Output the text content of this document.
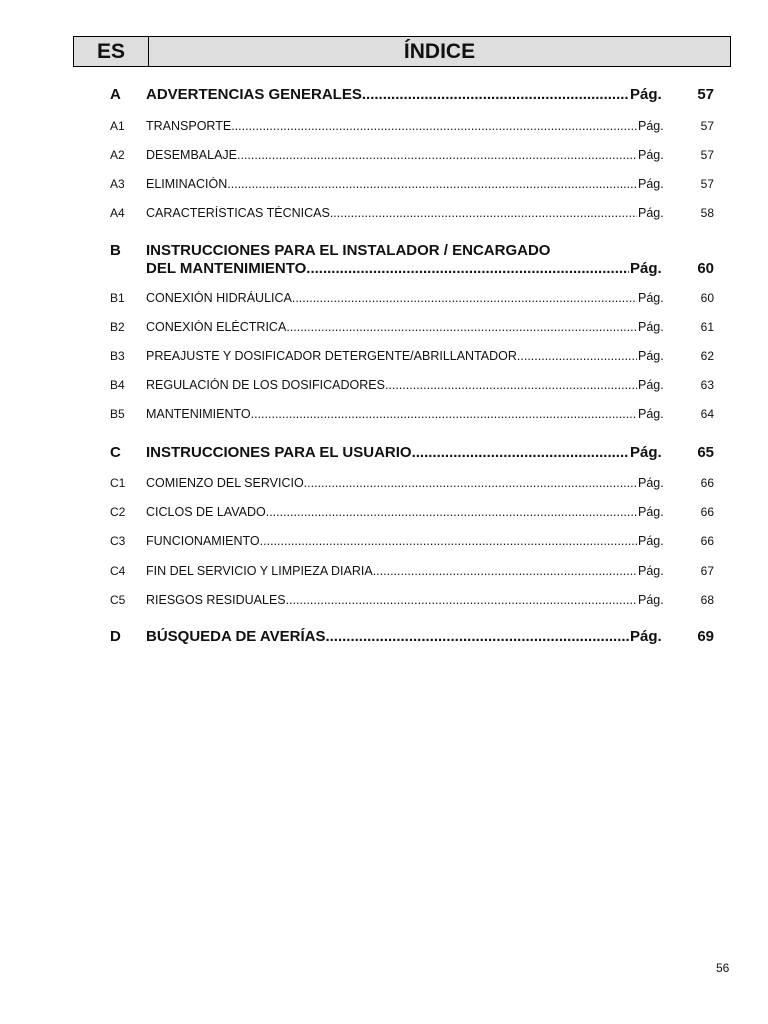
ES	ÍNDICE
A	ADVERTENCIAS GENERALES .....	Pág.	57
A1	TRANSPORTE .....	Pág.	57
A2	DESEMBALAJE .....	Pág.	57
A3	ELIMINACIÓN .....	Pág.	57
A4	CARACTERÍSTICAS TÉCNICAS .....	Pág.	58
B	INSTRUCCIONES PARA EL INSTALADOR / ENCARGADO
DEL MANTENIMIENTO .....	Pág.	60
B1	CONEXIÓN HIDRÁULICA .....	Pág.	60
B2	CONEXIÓN ELÉCTRICA .....	Pág.	61
B3	PREAJUSTE Y DOSIFICADOR DETERGENTE/ABRILLANTADOR .....	Pág.	62
B4	REGULACIÓN DE LOS DOSIFICADORES .....	Pág.	63
B5	MANTENIMIENTO .....	Pág.	64
C	INSTRUCCIONES PARA EL USUARIO .....	Pág.	65
C1	COMIENZO DEL SERVICIO .....	Pág.	66
C2	CICLOS DE LAVADO .....	Pág.	66
C3	FUNCIONAMIENTO .....	Pág.	66
C4	FIN DEL SERVICIO Y LIMPIEZA DIARIA .....	Pág.	67
C5	RIESGOS RESIDUALES .....	Pág.	68
D	BÚSQUEDA DE AVERÍAS .....	Pág.	69
56
